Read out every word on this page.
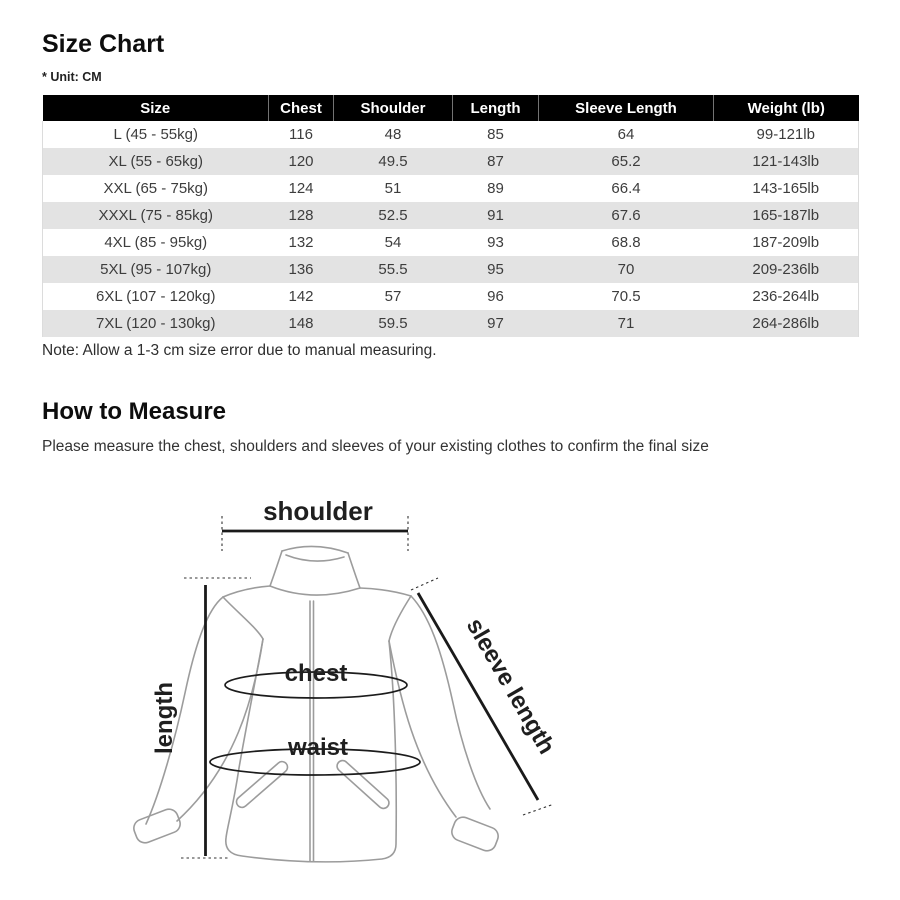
Size Chart
* Unit: CM
Size	Chest	Shoulder	Length	Sleeve Length	Weight (lb)
L (45 - 55kg)	116	48	85	64	99-121lb
XL (55 - 65kg)	120	49.5	87	65.2	121-143lb
XXL (65 - 75kg)	124	51	89	66.4	143-165lb
XXXL (75 - 85kg)	128	52.5	91	67.6	165-187lb
4XL (85 - 95kg)	132	54	93	68.8	187-209lb
5XL (95 - 107kg)	136	55.5	95	70	209-236lb
6XL (107 - 120kg)	142	57	96	70.5	236-264lb
7XL (120 - 130kg)	148	59.5	97	71	264-286lb
Note: Allow a 1-3 cm size error due to manual measuring.
How to Measure
Please measure the chest, shoulders and sleeves of your existing clothes to confirm the final size
shoulder
chest
waist
length	sleeve length
